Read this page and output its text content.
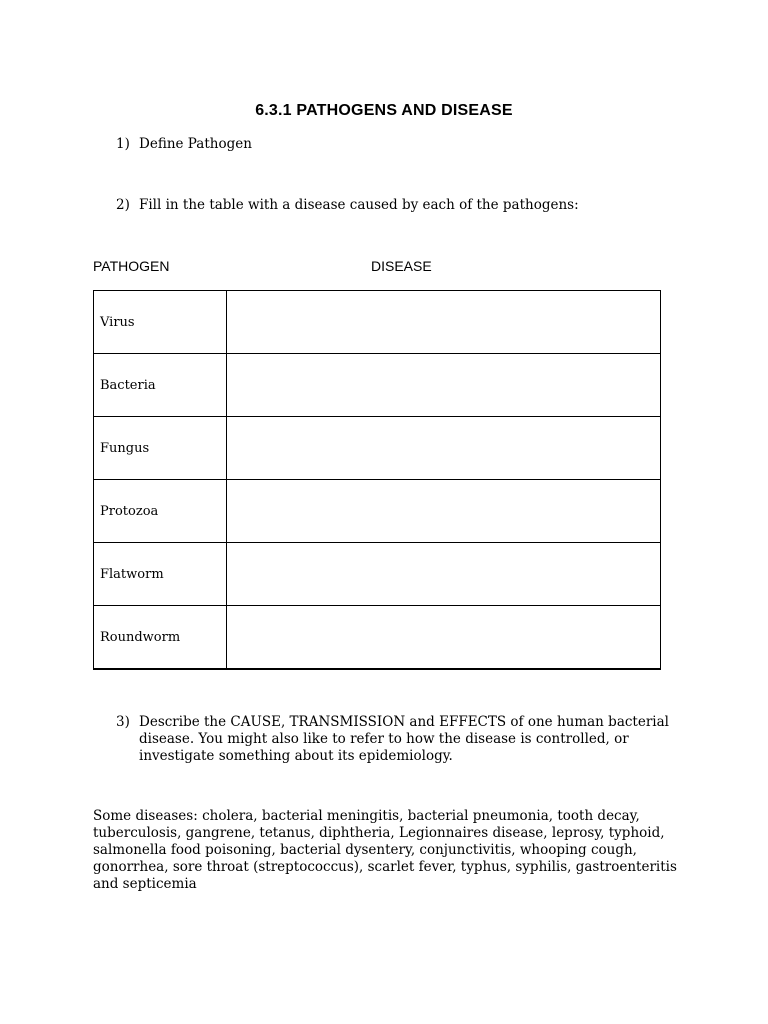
6.3.1 PATHOGENS AND DISEASE
1) Define Pathogen
2) Fill in the table with a disease caused by each of the pathogens:
PATHOGEN	DISEASE
Virus	
Bacteria	
Fungus	
Protozoa	
Flatworm	
Roundworm	
3) Describe the CAUSE, TRANSMISSION and EFFECTS of one human bacterial disease. You might also like to refer to how the disease is controlled, or investigate something about its epidemiology.
Some diseases: cholera, bacterial meningitis, bacterial pneumonia, tooth decay,
tuberculosis, gangrene, tetanus, diphtheria, Legionnaires disease, leprosy, typhoid,
salmonella food poisoning, bacterial dysentery, conjunctivitis, whooping cough,
gonorrhea, sore throat (streptococcus), scarlet fever, typhus, syphilis, gastroenteritis
and septicemia
